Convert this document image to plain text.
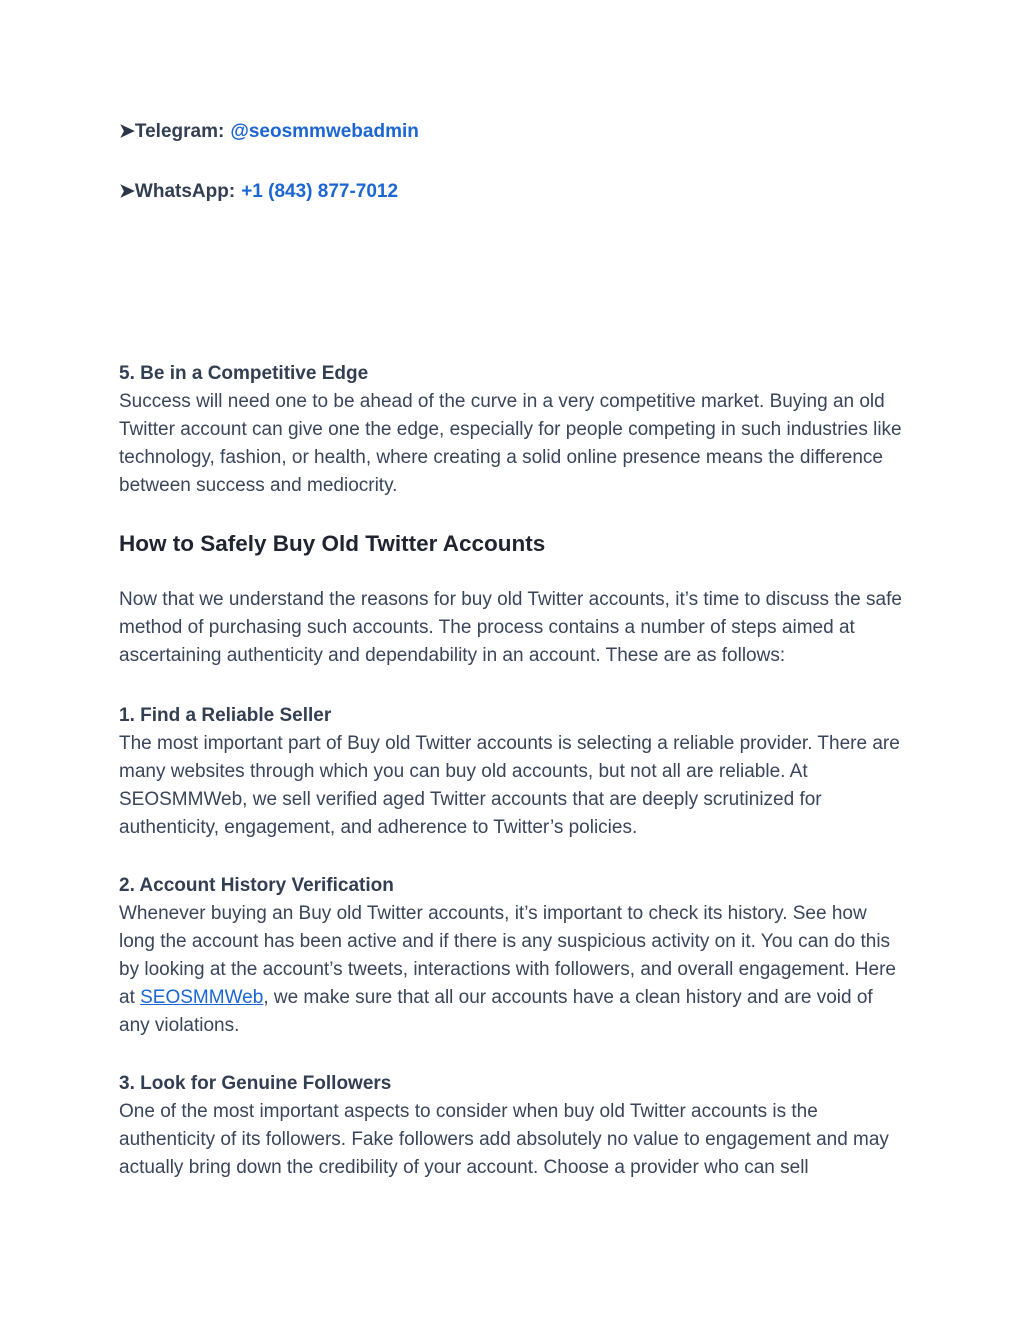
➤Telegram: @seosmmwebadmin

➤WhatsApp: +1 (843) 877-7012

5. Be in a Competitive Edge

Success will need one to be ahead of the curve in a very competitive market. Buying an old Twitter account can give one the edge, especially for people competing in such industries like technology, fashion, or health, where creating a solid online presence means the difference between success and mediocrity.

How to Safely Buy Old Twitter Accounts

Now that we understand the reasons for buy old Twitter accounts, it’s time to discuss the safe method of purchasing such accounts. The process contains a number of steps aimed at ascertaining authenticity and dependability in an account. These are as follows:

1. Find a Reliable Seller

The most important part of Buy old Twitter accounts is selecting a reliable provider. There are many websites through which you can buy old accounts, but not all are reliable. At SEOSMMWeb, we sell verified aged Twitter accounts that are deeply scrutinized for authenticity, engagement, and adherence to Twitter’s policies.

2. Account History Verification

Whenever buying an Buy old Twitter accounts, it’s important to check its history. See how long the account has been active and if there is any suspicious activity on it. You can do this by looking at the account’s tweets, interactions with followers, and overall engagement. Here at SEOSMMWeb, we make sure that all our accounts have a clean history and are void of any violations.

3. Look for Genuine Followers

One of the most important aspects to consider when buy old Twitter accounts is the authenticity of its followers. Fake followers add absolutely no value to engagement and may actually bring down the credibility of your account. Choose a provider who can sell
